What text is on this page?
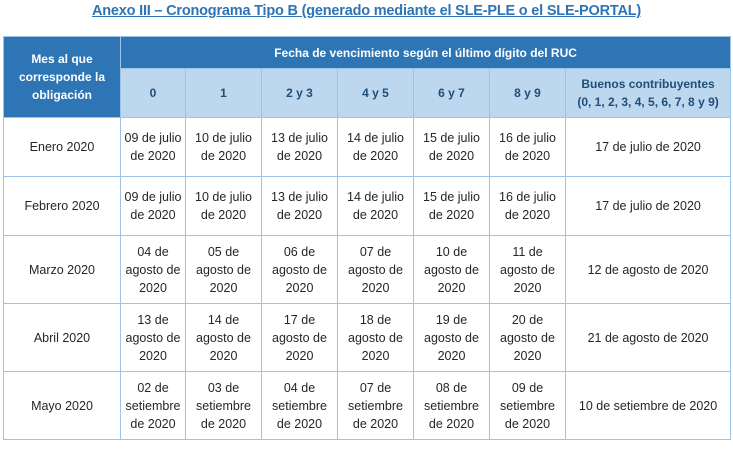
Anexo III – Cronograma Tipo B (generado mediante el SLE-PLE o el SLE-PORTAL)
Mes al que corresponde la obligación	Fecha de vencimiento según el último dígito del RUC						
	0	1	2 y 3	4 y 5	6 y 7	8 y 9	Buenos contribuyentes (0, 1, 2, 3, 4, 5, 6, 7, 8 y 9)
Enero 2020	09 de julio de 2020	10 de julio de 2020	13 de julio de 2020	14 de julio de 2020	15 de julio de 2020	16 de julio de 2020	17 de julio de 2020
Febrero 2020	09 de julio de 2020	10 de julio de 2020	13 de julio de 2020	14 de julio de 2020	15 de julio de 2020	16 de julio de 2020	17 de julio de 2020
Marzo 2020	04 de agosto de 2020	05 de agosto de 2020	06 de agosto de 2020	07 de agosto de 2020	10 de agosto de 2020	11 de agosto de 2020	12 de agosto de 2020
Abril 2020	13 de agosto de 2020	14 de agosto de 2020	17 de agosto de 2020	18 de agosto de 2020	19 de agosto de 2020	20 de agosto de 2020	21 de agosto de 2020
Mayo 2020	02 de setiembre de 2020	03 de setiembre de 2020	04 de setiembre de 2020	07 de setiembre de 2020	08 de setiembre de 2020	09 de setiembre de 2020	10 de setiembre de 2020
